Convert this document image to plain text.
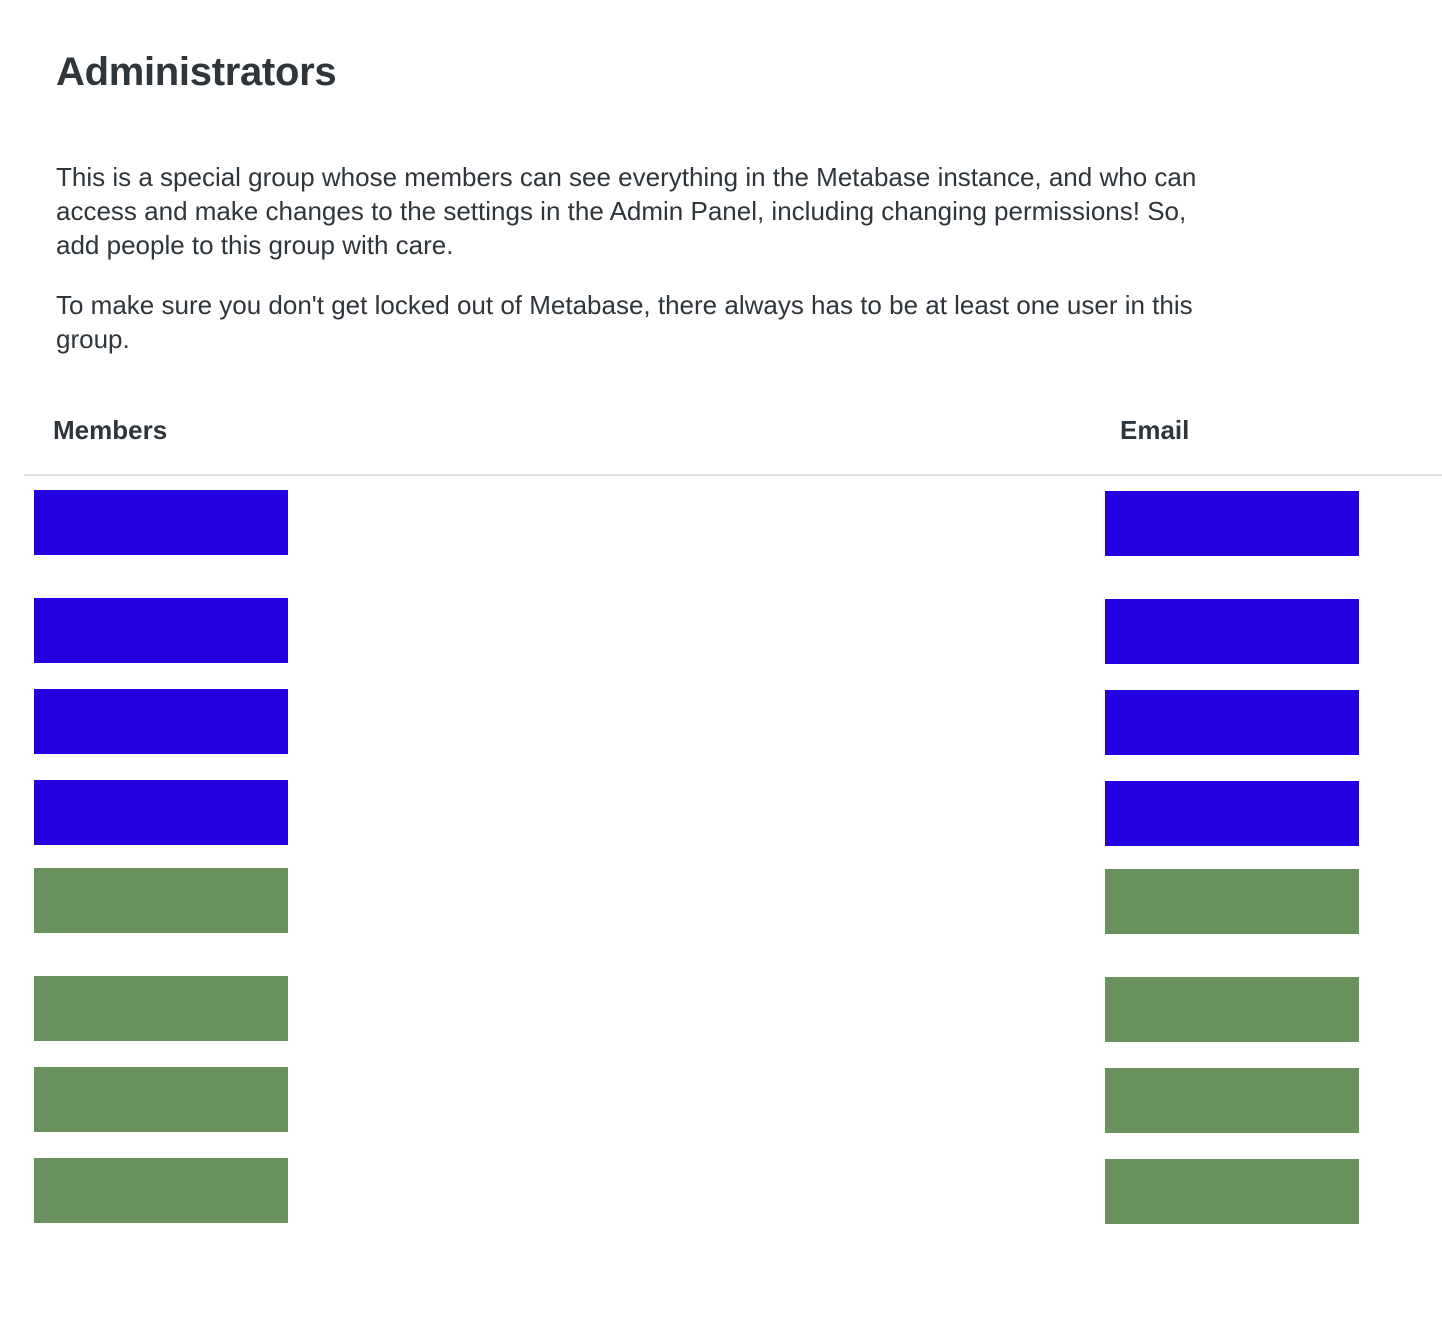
Administrators

This is a special group whose members can see everything in the Metabase instance, and who can access and make changes to the settings in the Admin Panel, including changing permissions! So, add people to this group with care.

To make sure you don't get locked out of Metabase, there always has to be at least one user in this group.

Members	Email
